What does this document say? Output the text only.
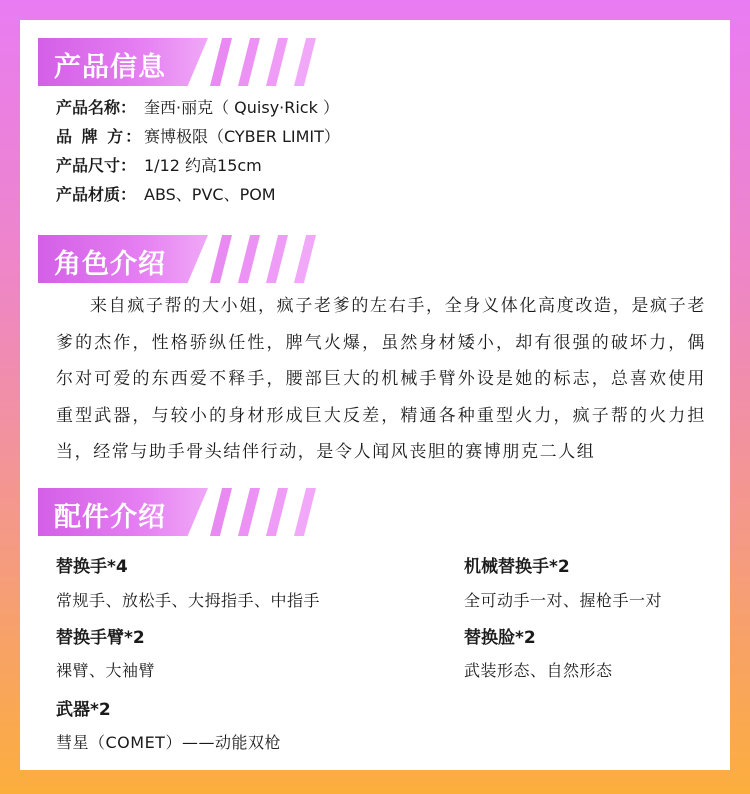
产品信息
产品名称： 奎西·丽克（ Quisy·Rick ）
品 牌 方：赛博极限（CYBER LIMIT）
产品尺寸： 1/12 约高15cm
产品材质： ABS、PVC、POM
角色介绍
来自疯子帮的大小姐，疯子老爹的左右手，全身义体化高度改造，是疯子老爹的杰作，性格骄纵任性，脾气火爆，虽然身材矮小，却有很强的破坏力，偶尔对可爱的东西爱不释手，腰部巨大的机械手臂外设是她的标志，总喜欢使用重型武器，与较小的身材形成巨大反差，精通各种重型火力，疯子帮的火力担当，经常与助手骨头结伴行动，是令人闻风丧胆的赛博朋克二人组
配件介绍
替换手*4
常规手、放松手、大拇指手、中指手
机械替换手*2
全可动手一对、握枪手一对
替换手臂*2
裸臂、大袖臂
替换脸*2
武装形态、自然形态
武器*2
彗星（COMET）——动能双枪
